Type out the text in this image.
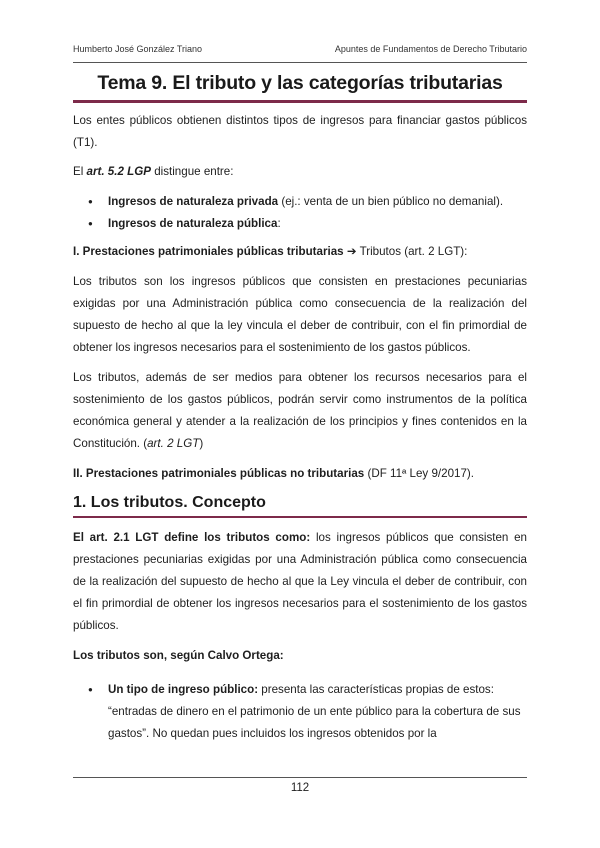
Humberto José González Triano	Apuntes de Fundamentos de Derecho Tributario
Tema 9. El tributo y las categorías tributarias

Los entes públicos obtienen distintos tipos de ingresos para financiar gastos públicos (T1).

El art. 5.2 LGP distingue entre:

● Ingresos de naturaleza privada (ej.: venta de un bien público no demanial).
● Ingresos de naturaleza pública:

I. Prestaciones patrimoniales públicas tributarias ➔ Tributos (art. 2 LGT):

Los tributos son los ingresos públicos que consisten en prestaciones pecuniarias exigidas por una Administración pública como consecuencia de la realización del supuesto de hecho al que la ley vincula el deber de contribuir, con el fin primordial de obtener los ingresos necesarios para el sostenimiento de los gastos públicos.

Los tributos, además de ser medios para obtener los recursos necesarios para el sostenimiento de los gastos públicos, podrán servir como instrumentos de la política económica general y atender a la realización de los principios y fines contenidos en la Constitución. (art. 2 LGT)

II. Prestaciones patrimoniales públicas no tributarias (DF 11ª Ley 9/2017).

1. Los tributos. Concepto

El art. 2.1 LGT define los tributos como: los ingresos públicos que consisten en prestaciones pecuniarias exigidas por una Administración pública como consecuencia de la realización del supuesto de hecho al que la Ley vincula el deber de contribuir, con el fin primordial de obtener los ingresos necesarios para el sostenimiento de los gastos públicos.

Los tributos son, según Calvo Ortega:

● Un tipo de ingreso público: presenta las características propias de estos: “entradas de dinero en el patrimonio de un ente público para la cobertura de sus gastos”. No quedan pues incluidos los ingresos obtenidos por la
112
